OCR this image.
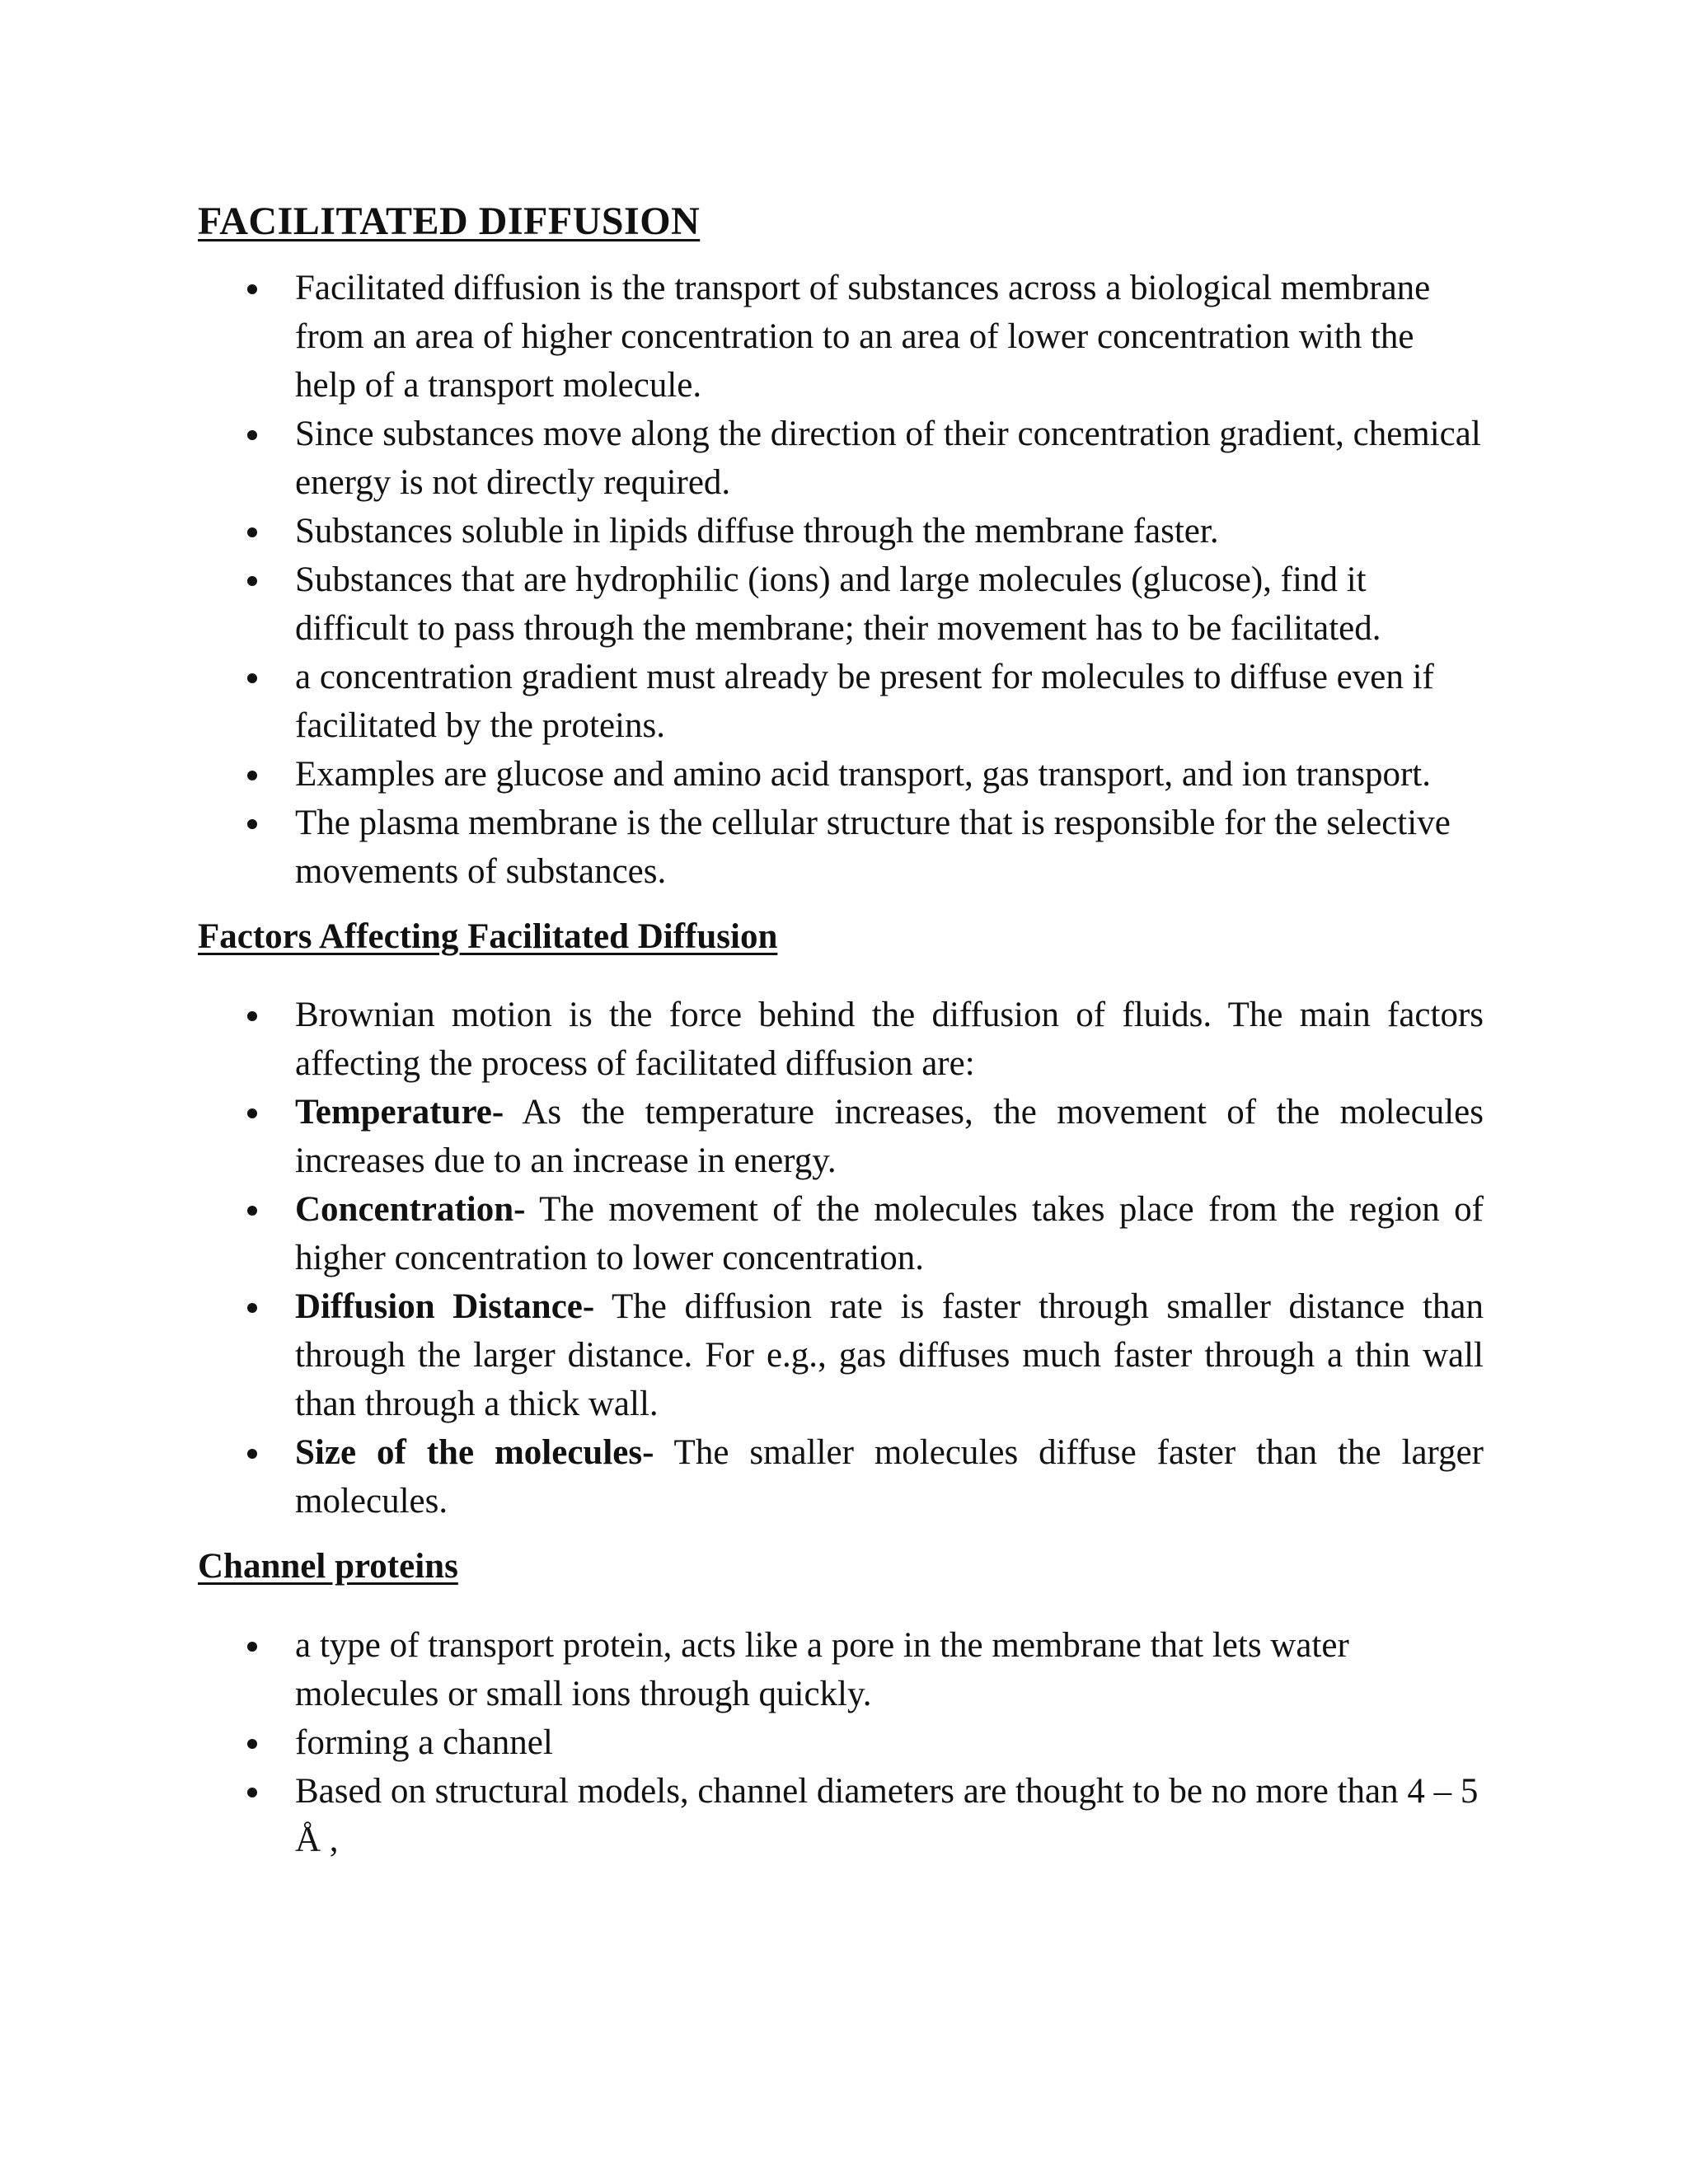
FACILITATED DIFFUSION
Facilitated diffusion is the transport of substances across a biological membrane from an area of higher concentration to an area of lower concentration with the help of a transport molecule.
Since substances move along the direction of their concentration gradient, chemical energy is not directly required.
Substances soluble in lipids diffuse through the membrane faster.
Substances that are hydrophilic (ions) and large molecules (glucose), find it difficult to pass through the membrane; their movement has to be facilitated.
a concentration gradient must already be present for molecules to diffuse even if facilitated by the proteins.
Examples are glucose and amino acid transport, gas transport, and ion transport.
The plasma membrane is the cellular structure that is responsible for the selective movements of substances.
Factors Affecting Facilitated Diffusion
Brownian motion is the force behind the diffusion of fluids. The main factors affecting the process of facilitated diffusion are:
Temperature- As the temperature increases, the movement of the molecules increases due to an increase in energy.
Concentration- The movement of the molecules takes place from the region of higher concentration to lower concentration.
Diffusion Distance- The diffusion rate is faster through smaller distance than through the larger distance. For e.g., gas diffuses much faster through a thin wall than through a thick wall.
Size of the molecules- The smaller molecules diffuse faster than the larger molecules.
Channel proteins
a type of transport protein, acts like a pore in the membrane that lets water molecules or small ions through quickly.
forming a channel
Based on structural models, channel diameters are thought to be no more than 4 – 5 Å ,
